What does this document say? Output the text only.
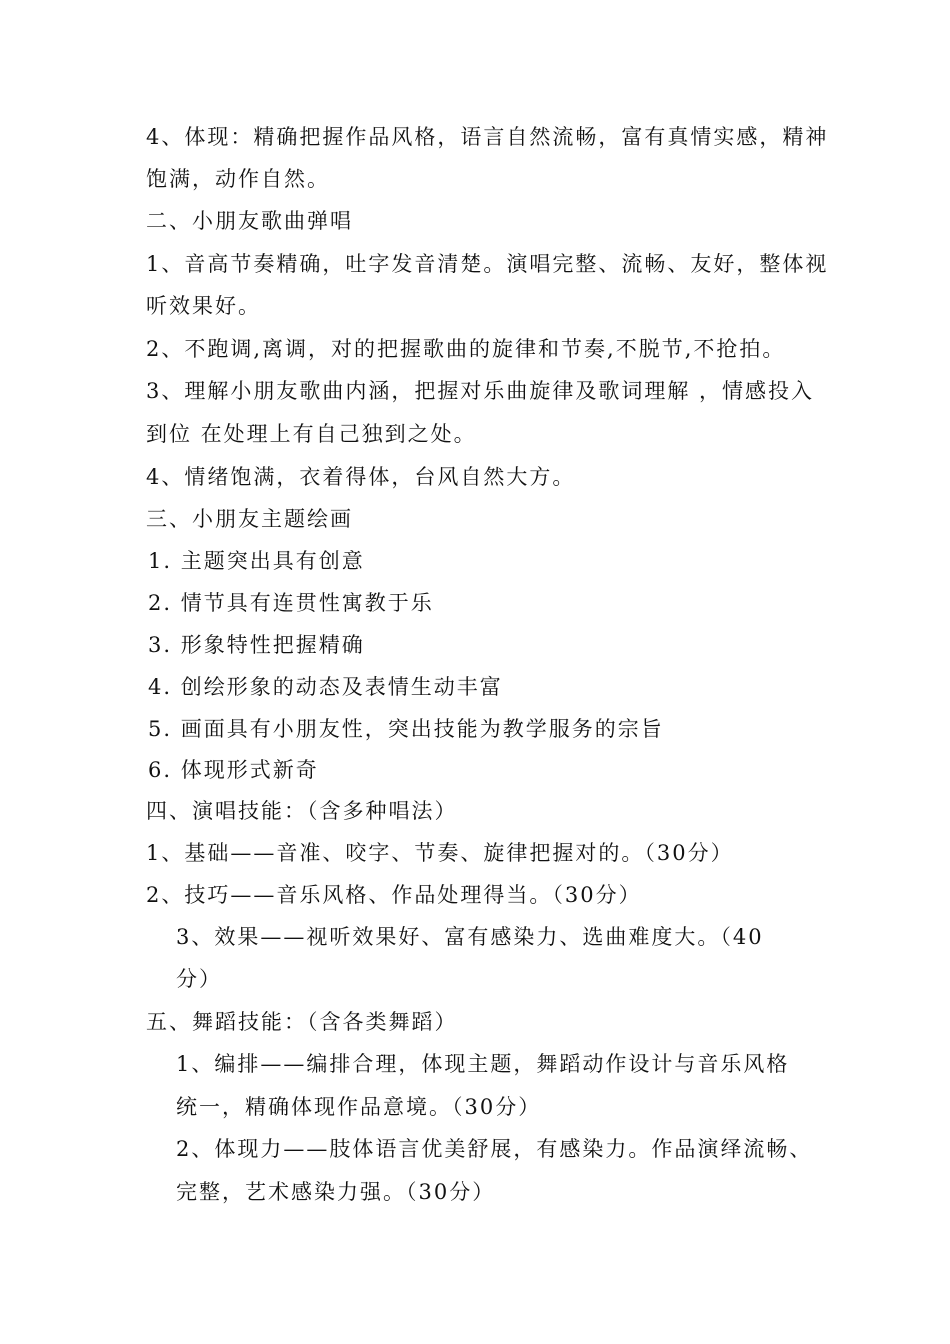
4、体现：精确把握作品风格，语言自然流畅，富有真情实感，精神
饱满，动作自然。
二、小朋友歌曲弹唱
1、音高节奏精确，吐字发音清楚。演唱完整、流畅、友好，整体视
听效果好。
2、不跑调,离调，对的把握歌曲的旋律和节奏,不脱节,不抢拍。
3、理解小朋友歌曲内涵，把握对乐曲旋律及歌词理解 ，情感投入
到位 在处理上有自己独到之处。
4、情绪饱满，衣着得体，台风自然大方。
三、小朋友主题绘画
1. 主题突出具有创意
2. 情节具有连贯性寓教于乐
3. 形象特性把握精确
4. 创绘形象的动态及表情生动丰富
5. 画面具有小朋友性，突出技能为教学服务的宗旨
6. 体现形式新奇
四、演唱技能：（含多种唱法）
1、基础——音准、咬字、节奏、旋律把握对的。（30分）
2、技巧——音乐风格、作品处理得当。（30分）
3、效果——视听效果好、富有感染力、选曲难度大。（40
分）
五、舞蹈技能：（含各类舞蹈）
1、编排——编排合理，体现主题，舞蹈动作设计与音乐风格
统一，精确体现作品意境。（30分）
2、体现力——肢体语言优美舒展，有感染力。作品演绎流畅、
完整，艺术感染力强。（30分）
